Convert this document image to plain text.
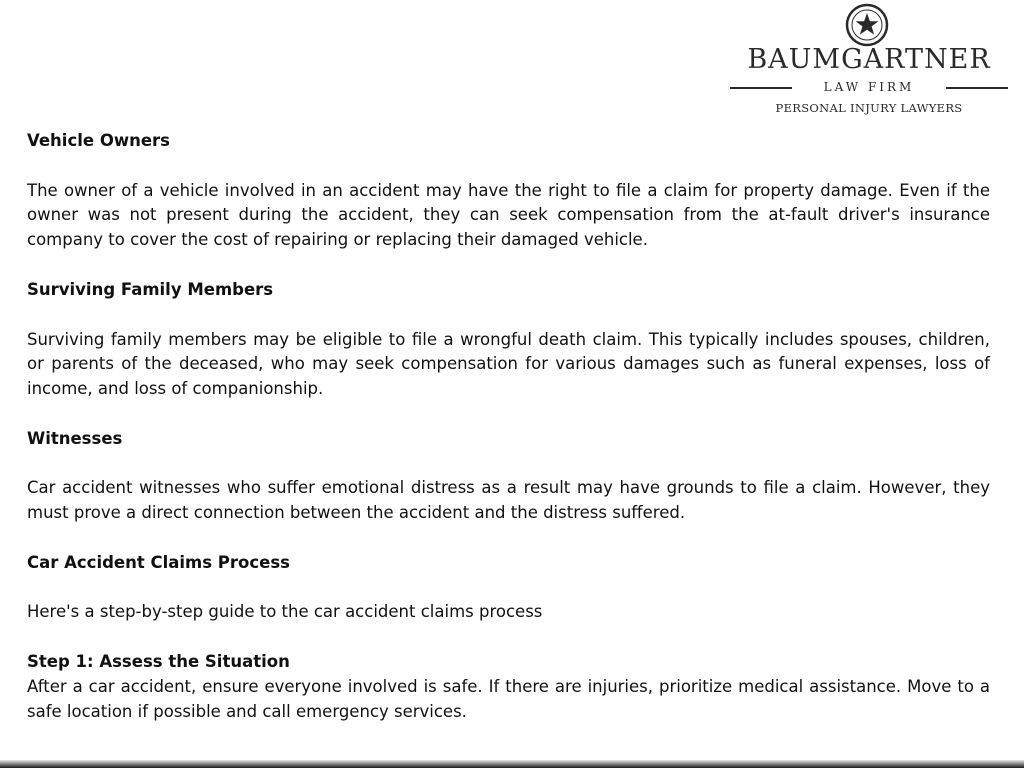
BAUMGARTNER
LAW FIRM
PERSONAL INJURY LAWYERS
Vehicle Owners

The owner of a vehicle involved in an accident may have the right to file a claim for property damage. Even if the owner was not present during the accident, they can seek compensation from the at-fault driver's insurance company to cover the cost of repairing or replacing their damaged vehicle.

Surviving Family Members

Surviving family members may be eligible to file a wrongful death claim. This typically includes spouses, children, or parents of the deceased, who may seek compensation for various damages such as funeral expenses, loss of income, and loss of companionship.

Witnesses

Car accident witnesses who suffer emotional distress as a result may have grounds to file a claim. However, they must prove a direct connection between the accident and the distress suffered.

Car Accident Claims Process

Here's a step-by-step guide to the car accident claims process

Step 1: Assess the Situation

After a car accident, ensure everyone involved is safe. If there are injuries, prioritize medical assistance. Move to a safe location if possible and call emergency services.
